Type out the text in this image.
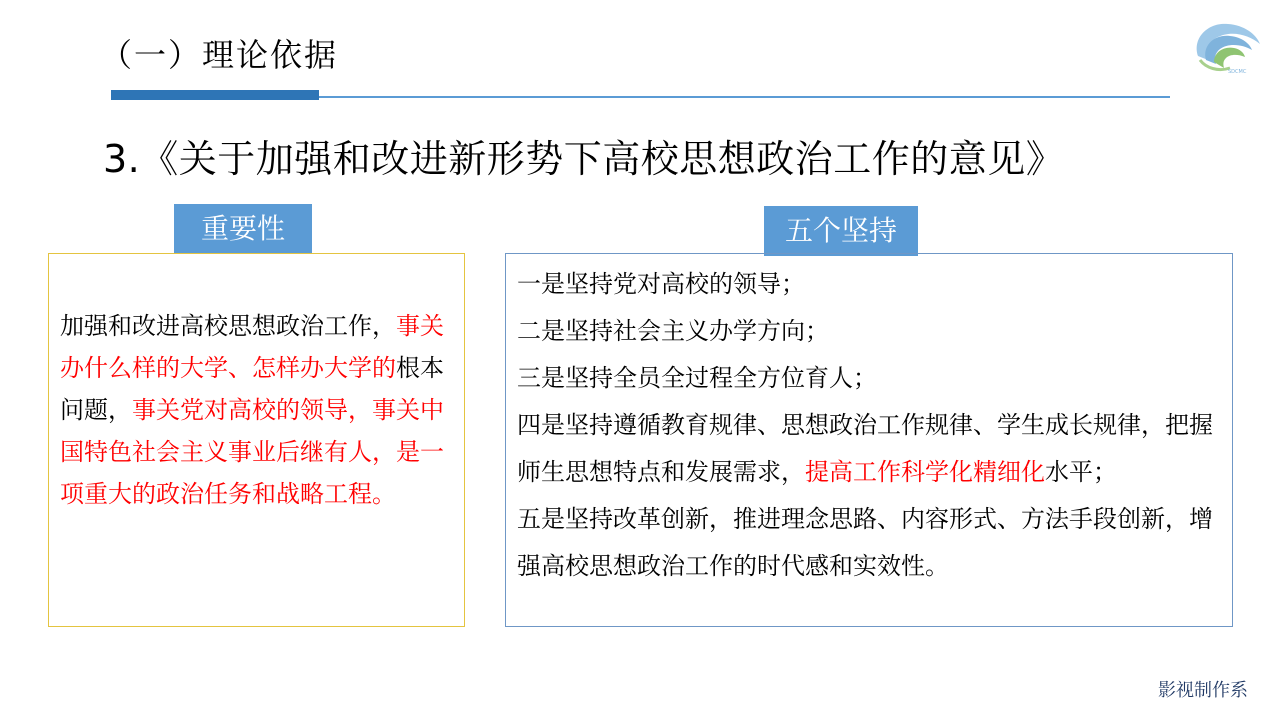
（一）理论依据	SDCMC
3.《关于加强和改进新形势下高校思想政治工作的意见》
重要性
加强和改进高校思想政治工作，事关办什么样的大学、怎样办大学的根本问题，事关党对高校的领导，事关中国特色社会主义事业后继有人，是一项重大的政治任务和战略工程。
五个坚持

一是坚持党对高校的领导；

二是坚持社会主义办学方向；

三是坚持全员全过程全方位育人；

四是坚持遵循教育规律、思想政治工作规律、学生成长规律，把握师生思想特点和发展需求，提高工作科学化精细化水平；

五是坚持改革创新，推进理念思路、内容形式、方法手段创新，增强高校思想政治工作的时代感和实效性。

影视制作系
